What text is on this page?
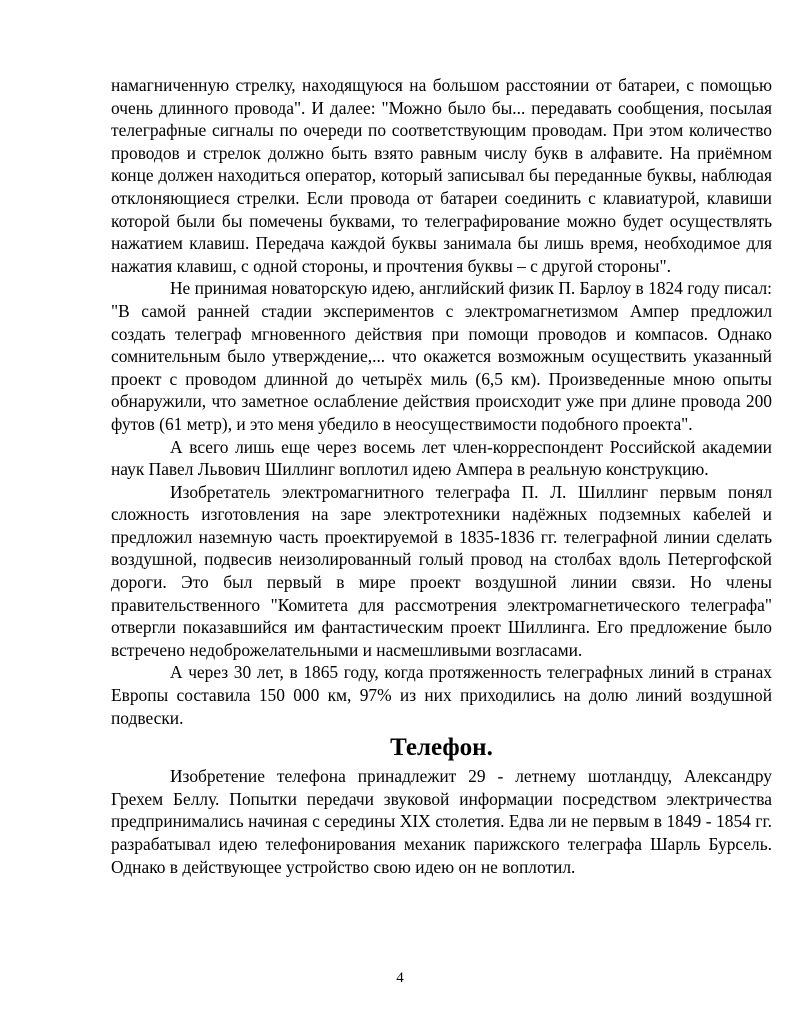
намагниченную стрелку, находящуюся на большом расстоянии от батареи, с помощью очень длинного провода". И далее: "Можно было бы... передавать сообщения, посылая телеграфные сигналы по очереди по соответствующим проводам. При этом количество проводов и стрелок должно быть взято равным числу букв в алфавите. На приёмном конце должен находиться оператор, который записывал бы переданные буквы, наблюдая отклоняющиеся стрелки. Если провода от батареи соединить с клавиатурой, клавиши которой были бы помечены буквами, то телеграфирование можно будет осуществлять нажатием клавиш. Передача каждой буквы занимала бы лишь время, необходимое для нажатия клавиш, с одной стороны, и прочтения буквы – с другой стороны".

Не принимая новаторскую идею, английский физик П. Барлоу в 1824 году писал: "В самой ранней стадии экспериментов с электромагнетизмом Ампер предложил создать телеграф мгновенного действия при помощи проводов и компасов. Однако сомнительным было утверждение,... что окажется возможным осуществить указанный проект с проводом длинной до четырёх миль (6,5 км). Произведенные мною опыты обнаружили, что заметное ослабление действия происходит уже при длине провода 200 футов (61 метр), и это меня убедило в неосуществимости подобного проекта".

А всего лишь еще через восемь лет член-корреспондент Российской академии наук Павел Львович Шиллинг воплотил идею Ампера в реальную конструкцию.

Изобретатель электромагнитного телеграфа П. Л. Шиллинг первым понял сложность изготовления на заре электротехники надёжных подземных кабелей и предложил наземную часть проектируемой в 1835-1836 гг. телеграфной линии сделать воздушной, подвесив неизолированный голый провод на столбах вдоль Петергофской дороги. Это был первый в мире проект воздушной линии связи. Но члены правительственного "Комитета для рассмотрения электромагнетического телеграфа" отвергли показавшийся им фантастическим проект Шиллинга. Его предложение было встречено недоброжелательными и насмешливыми возгласами.

А через 30 лет, в 1865 году, когда протяженность телеграфных линий в странах Европы составила 150 000 км, 97% из них приходились на долю линий воздушной подвески.

Телефон.

Изобретение телефона принадлежит 29 - летнему шотландцу, Александру Грехем Беллу. Попытки передачи звуковой информации посредством электричества предпринимались начиная с середины XIX столетия. Едва ли не первым в 1849 - 1854 гг. разрабатывал идею телефонирования механик парижского телеграфа Шарль Бурсель. Однако в действующее устройство свою идею он не воплотил.

4
